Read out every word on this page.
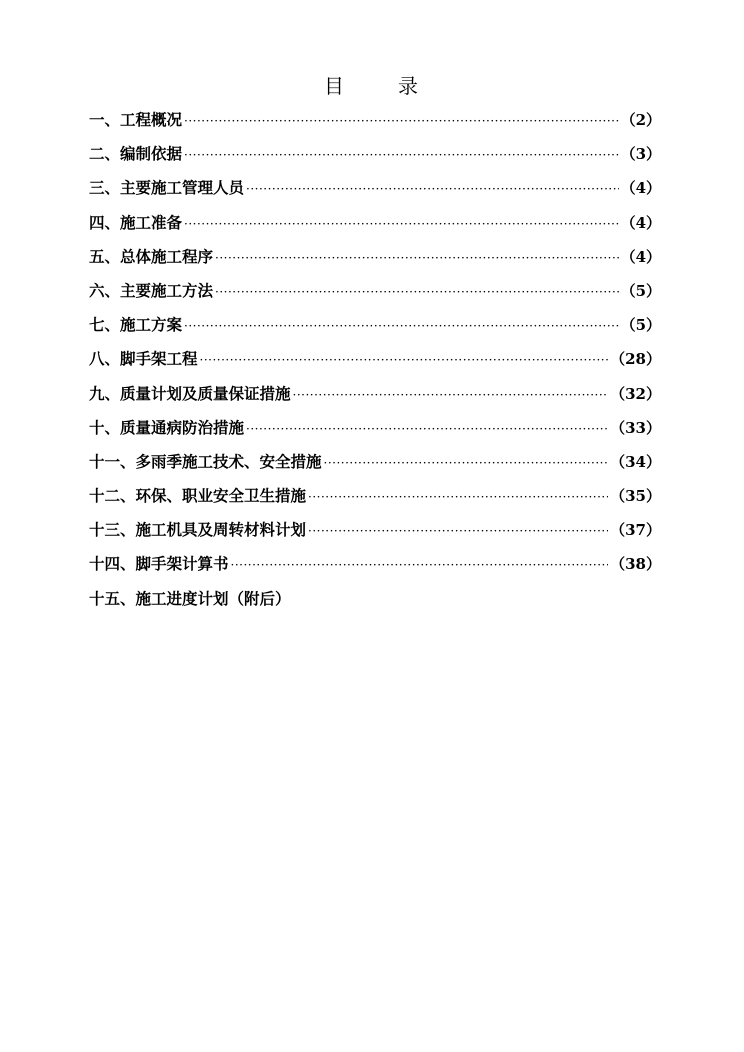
目	录
一、工程概况 ·····	（2）
二、编制依据 ·····	（3）
三、主要施工管理人员 ·····	（4）
四、施工准备 ·····	（4）
五、总体施工程序 ·····	（4）
六、主要施工方法 ·····	（5）
七、施工方案 ·····	（5）
八、脚手架工程 ·····	（28）
九、质量计划及质量保证措施 ·····	（32）
十、质量通病防治措施 ·····	（33）
十一、多雨季施工技术、安全措施 ·····	（34）
十二、环保、职业安全卫生措施 ·····	（35）
十三、施工机具及周转材料计划 ·····	（37）
十四、脚手架计算书 ·····	（38）
十五、施工进度计划（附后）
